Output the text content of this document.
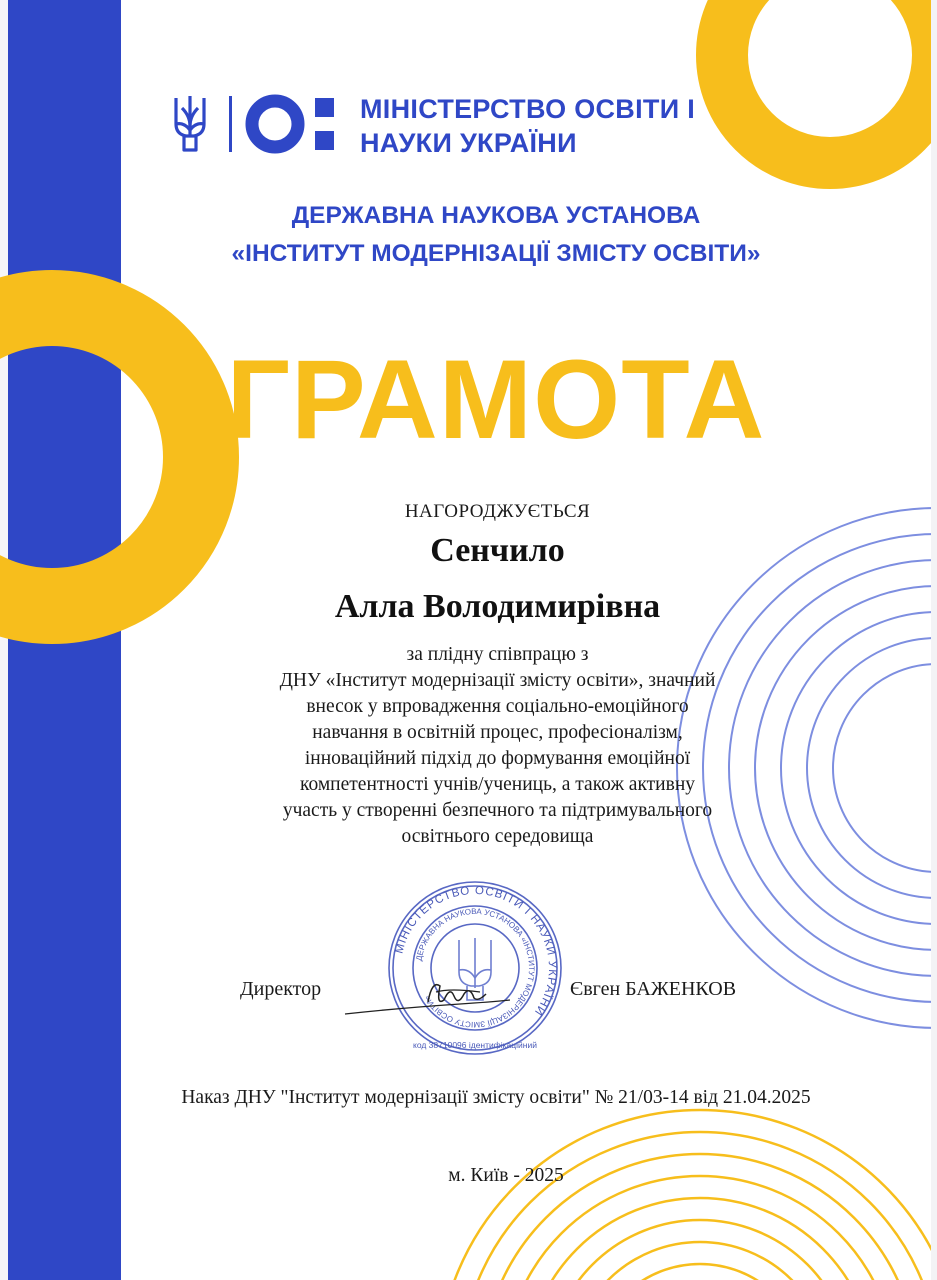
МІНІСТЕРСТВО ОСВІТИ І
НАУКИ УКРАЇНИ
ДЕРЖАВНА НАУКОВА УСТАНОВА
«ІНСТИТУТ МОДЕРНІЗАЦІЇ ЗМІСТУ ОСВІТИ»
ГРАМОТА
НАГОРОДЖУЄТЬСЯ
Сенчило
Алла Володимирівна
за плідну співпрацю з
ДНУ «Інститут модернізації змісту освіти», значний
внесок у впровадження соціально-емоційного
навчання в освітній процес, професіоналізм,
інноваційний підхід до формування емоційної
компетентності учнів/учениць, а також активну
участь у створенні безпечного та підтримувального
освітнього середовища
МІНІСТЕРСТВО ОСВІТИ І НАУКИ УКРАЇНИ
ДЕРЖАВНА НАУКОВА УСТАНОВА «ІНСТИТУТ МОДЕРНІЗАЦІЇ ЗМІСТУ ОСВІТИ»
код 38710096 ідентифікаційний
Директор	Євген БАЖЕНКОВ
Наказ ДНУ "Інститут модернізації змісту освіти" № 21/03-14 від 21.04.2025
м. Київ - 2025
